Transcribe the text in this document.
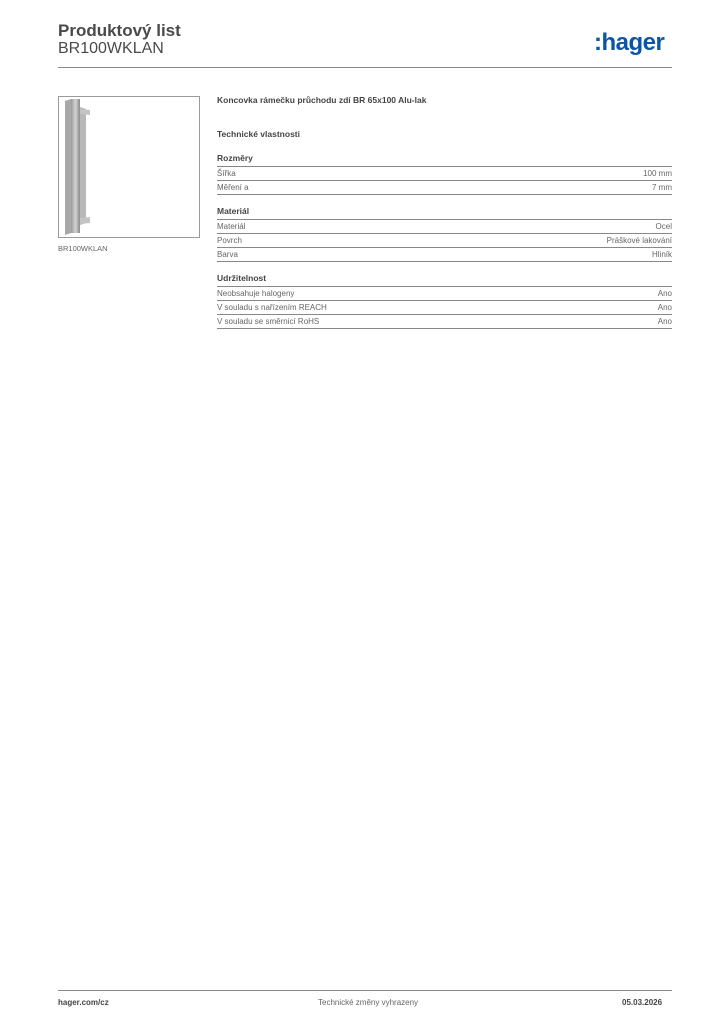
Produktový list
BR100WKLAN	:hager
BR100WKLAN
Koncovka rámečku průchodu zdí BR 65x100 Alu-lak
Technické vlastnosti
Rozměry
Šířka	100 mm
Měření a	7 mm
Materiál
Materiál	Ocel
Povrch	Práškové lakování
Barva	Hliník
Udržitelnost
Neobsahuje halogeny	Ano
V souladu s nařízením REACH	Ano
V souladu se směrnicí RoHS	Ano
hager.com/cz	Technické změny vyhrazeny	05.03.2026
